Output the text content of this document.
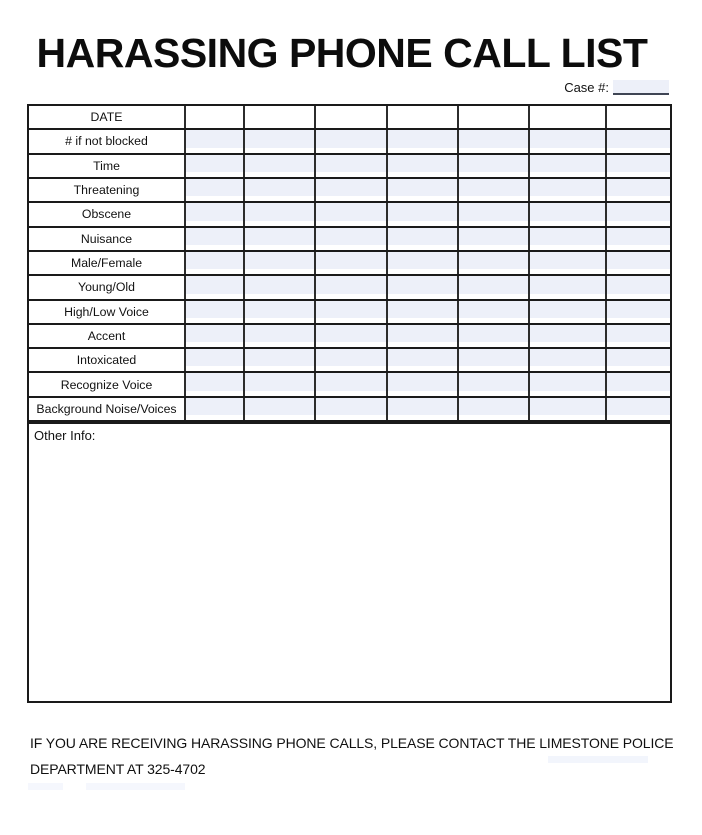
HARASSING PHONE CALL LIST
Case #:
DATE
# if not blocked
Time
Threatening
Obscene
Nuisance
Male/Female
Young/Old
High/Low Voice
Accent
Intoxicated
Recognize Voice
Background Noise/Voices
Other Info:
IF YOU ARE RECEIVING HARASSING PHONE CALLS, PLEASE CONTACT THE LIMESTONE POLICE
DEPARTMENT AT 325-4702
